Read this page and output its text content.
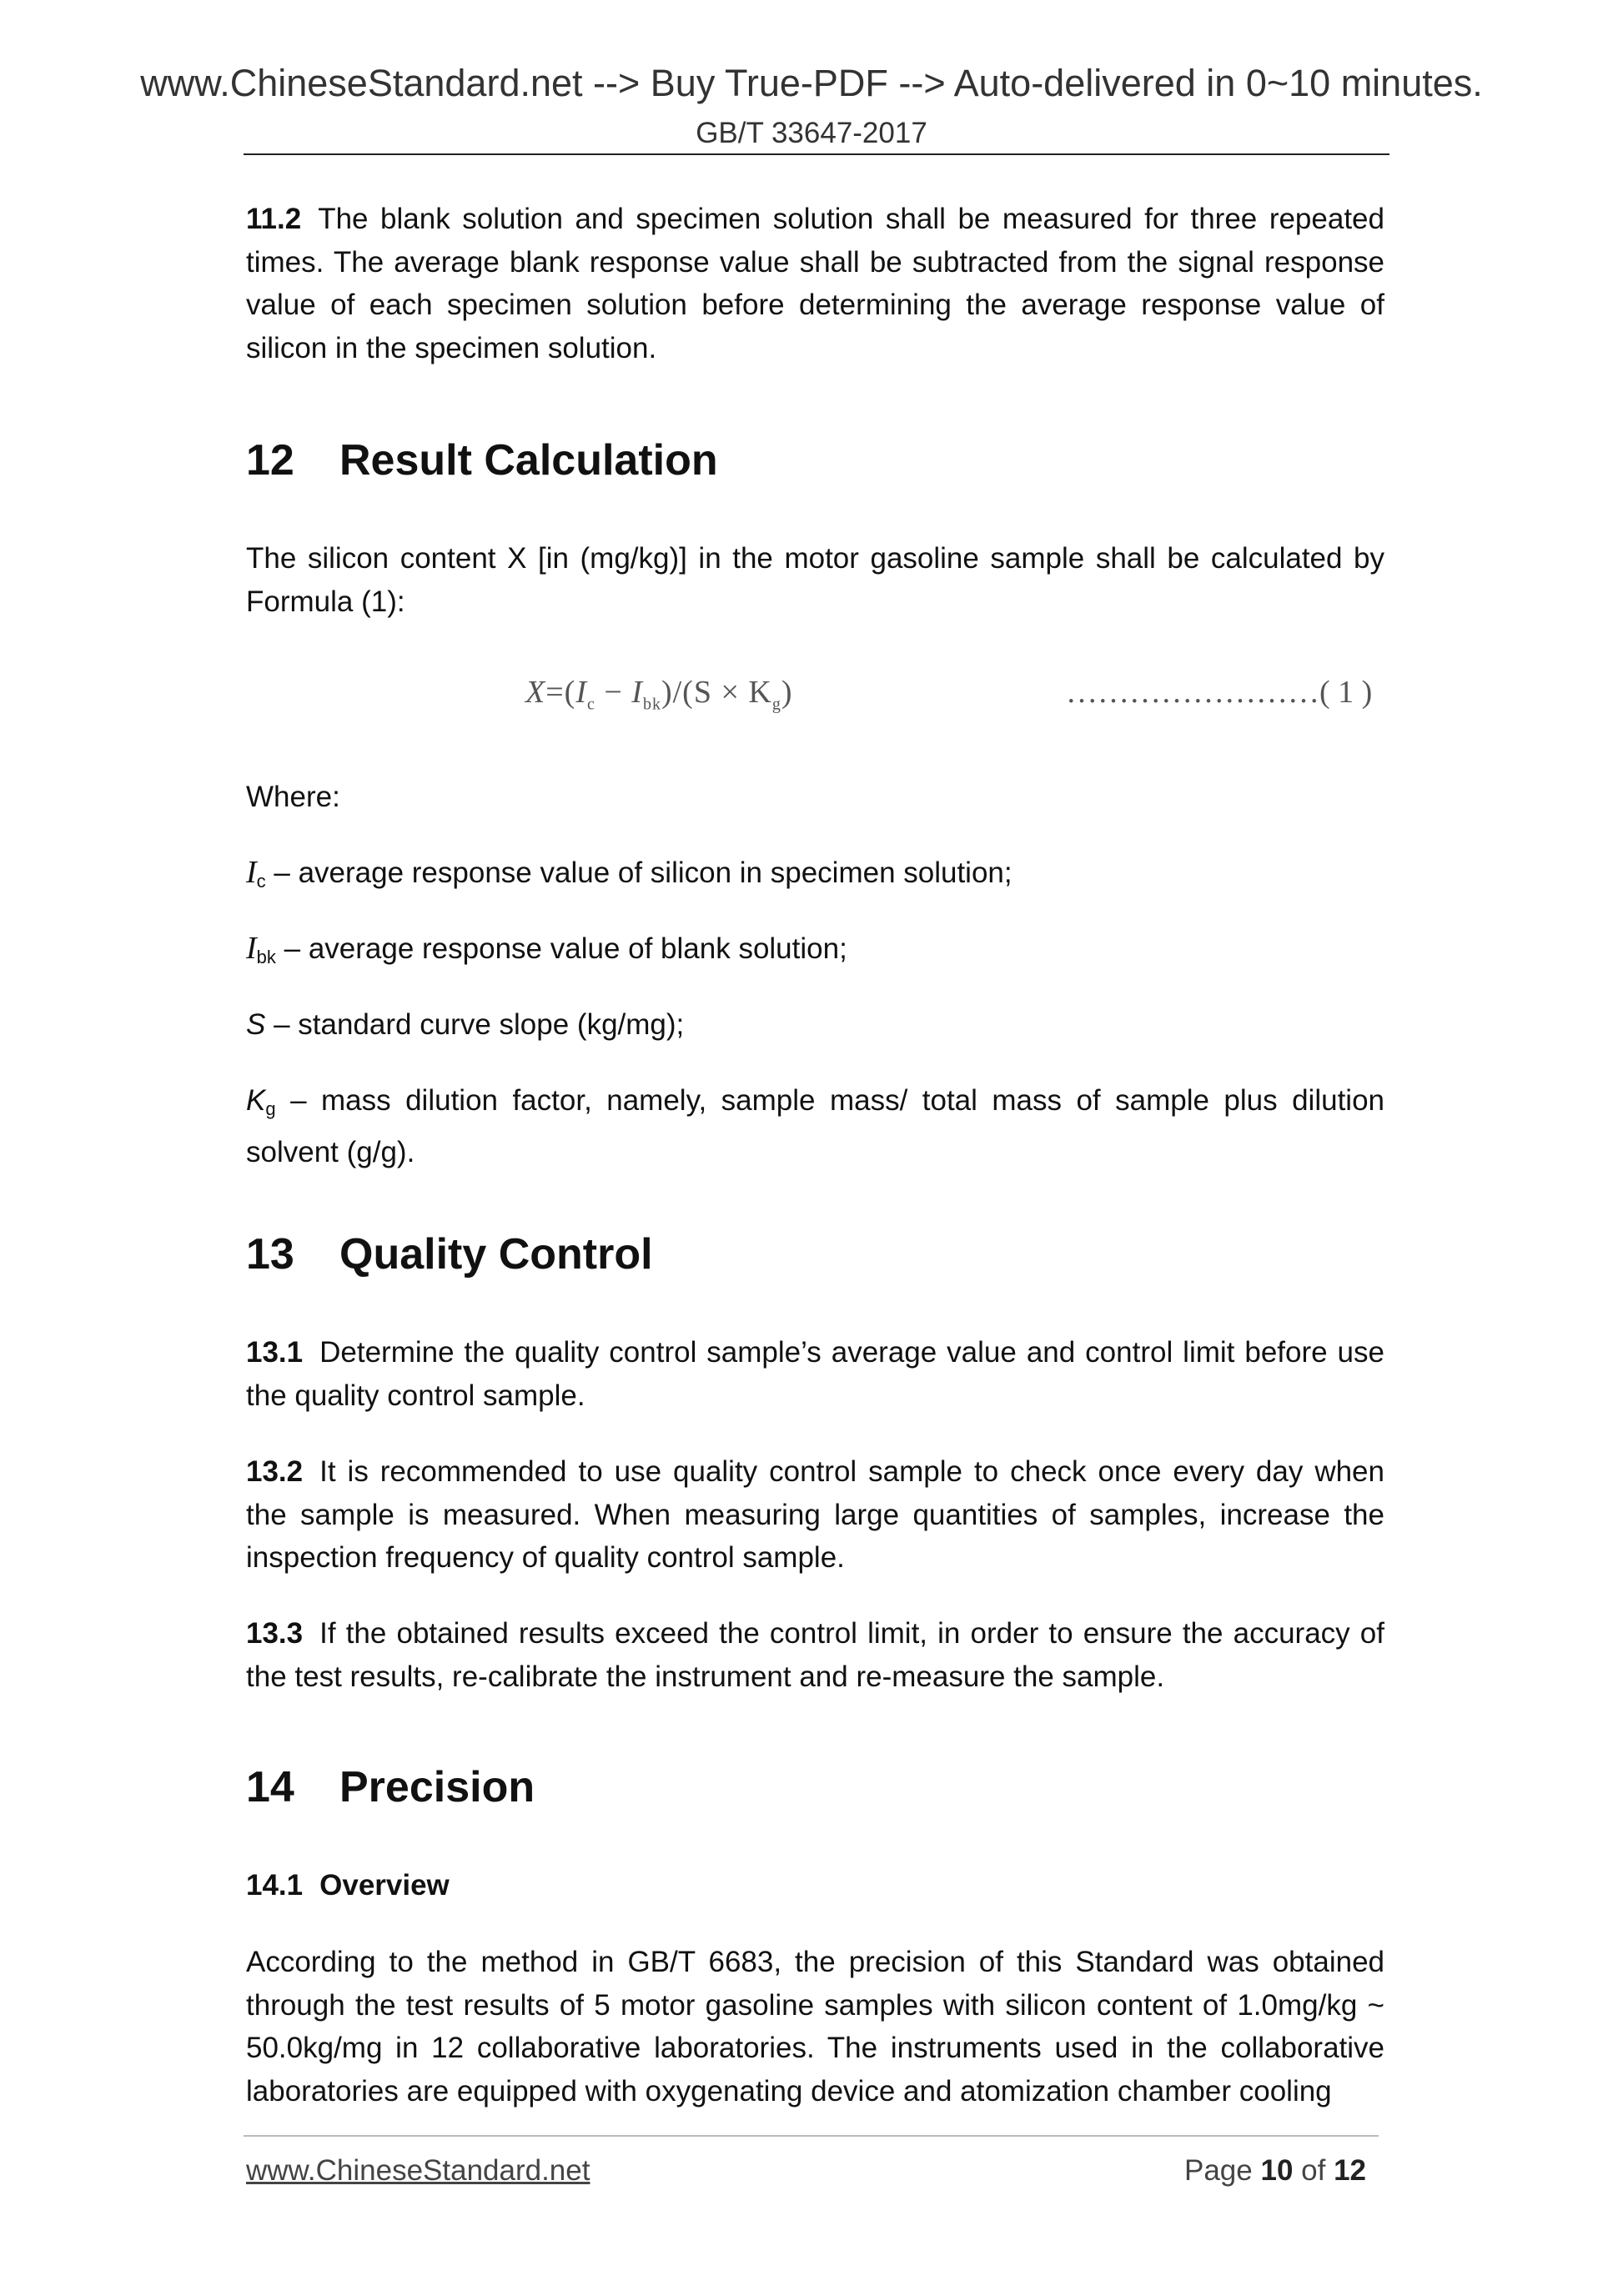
www.ChineseStandard.net --> Buy True-PDF --> Auto-delivered in 0~10 minutes.
GB/T 33647-2017
11.2 The blank solution and specimen solution shall be measured for three repeated times. The average blank response value shall be subtracted from the signal response value of each specimen solution before determining the average response value of silicon in the specimen solution.
12 Result Calculation
The silicon content X [in (mg/kg)] in the motor gasoline sample shall be calculated by Formula (1):
$X=(I_c - I_{bk})/(S \times K_g)$	……………………( 1 )
Where:
$I_c$ – average response value of silicon in specimen solution;
$I_{bk}$ – average response value of blank solution;
S – standard curve slope (kg/mg);
$K_g$ – mass dilution factor, namely, sample mass/ total mass of sample plus dilution solvent (g/g).
13 Quality Control
13.1 Determine the quality control sample’s average value and control limit before use the quality control sample.
13.2 It is recommended to use quality control sample to check once every day when the sample is measured. When measuring large quantities of samples, increase the inspection frequency of quality control sample.
13.3 If the obtained results exceed the control limit, in order to ensure the accuracy of the test results, re-calibrate the instrument and re-measure the sample.
14 Precision
14.1 Overview
According to the method in GB/T 6683, the precision of this Standard was obtained through the test results of 5 motor gasoline samples with silicon content of 1.0mg/kg ~ 50.0kg/mg in 12 collaborative laboratories. The instruments used in the collaborative laboratories are equipped with oxygenating device and atomization chamber cooling
www.ChineseStandard.net	Page 10 of 12
